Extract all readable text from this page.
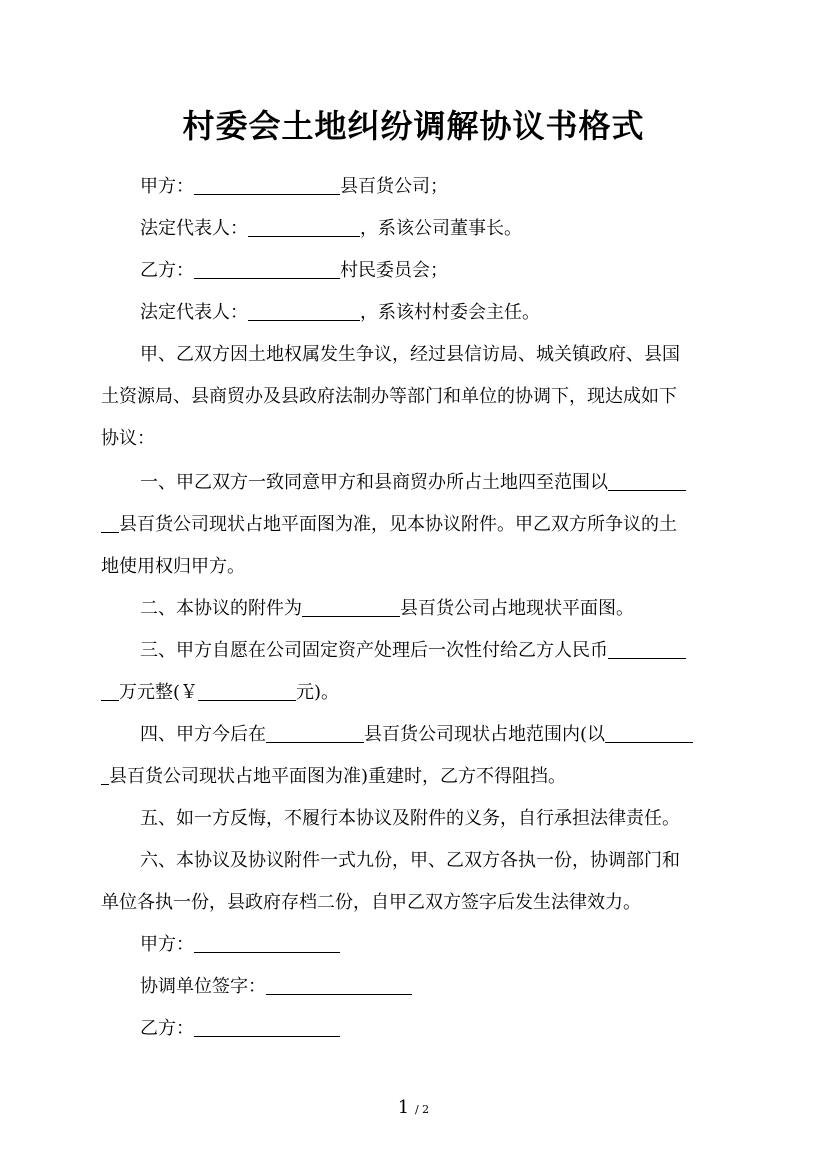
村委会土地纠纷调解协议书格式
甲方：	县百货公司；
法定代表人：	，系该公司董事长。
乙方：	村民委员会；
法定代表人：	，系该村村委会主任。
甲、乙双方因土地权属发生争议，经过县信访局、城关镇政府、县国
土资源局、县商贸办及县政府法制办等部门和单位的协调下，现达成如下
协议：
一、甲乙双方一致同意甲方和县商贸办所占土地四至范围以
县百货公司现状占地平面图为准，见本协议附件。甲乙双方所争议的土
地使用权归甲方。
二、本协议的附件为	县百货公司占地现状平面图。
三、甲方自愿在公司固定资产处理后一次性付给乙方人民币
万元整(￥	元)。
四、甲方今后在	县百货公司现状占地范围内(以
县百货公司现状占地平面图为准)重建时，乙方不得阻挡。
五、如一方反悔，不履行本协议及附件的义务，自行承担法律责任。
六、本协议及协议附件一式九份，甲、乙双方各执一份，协调部门和
单位各执一份，县政府存档二份，自甲乙双方签字后发生法律效力。
甲方：
协调单位签字：
乙方：
1 / 2
